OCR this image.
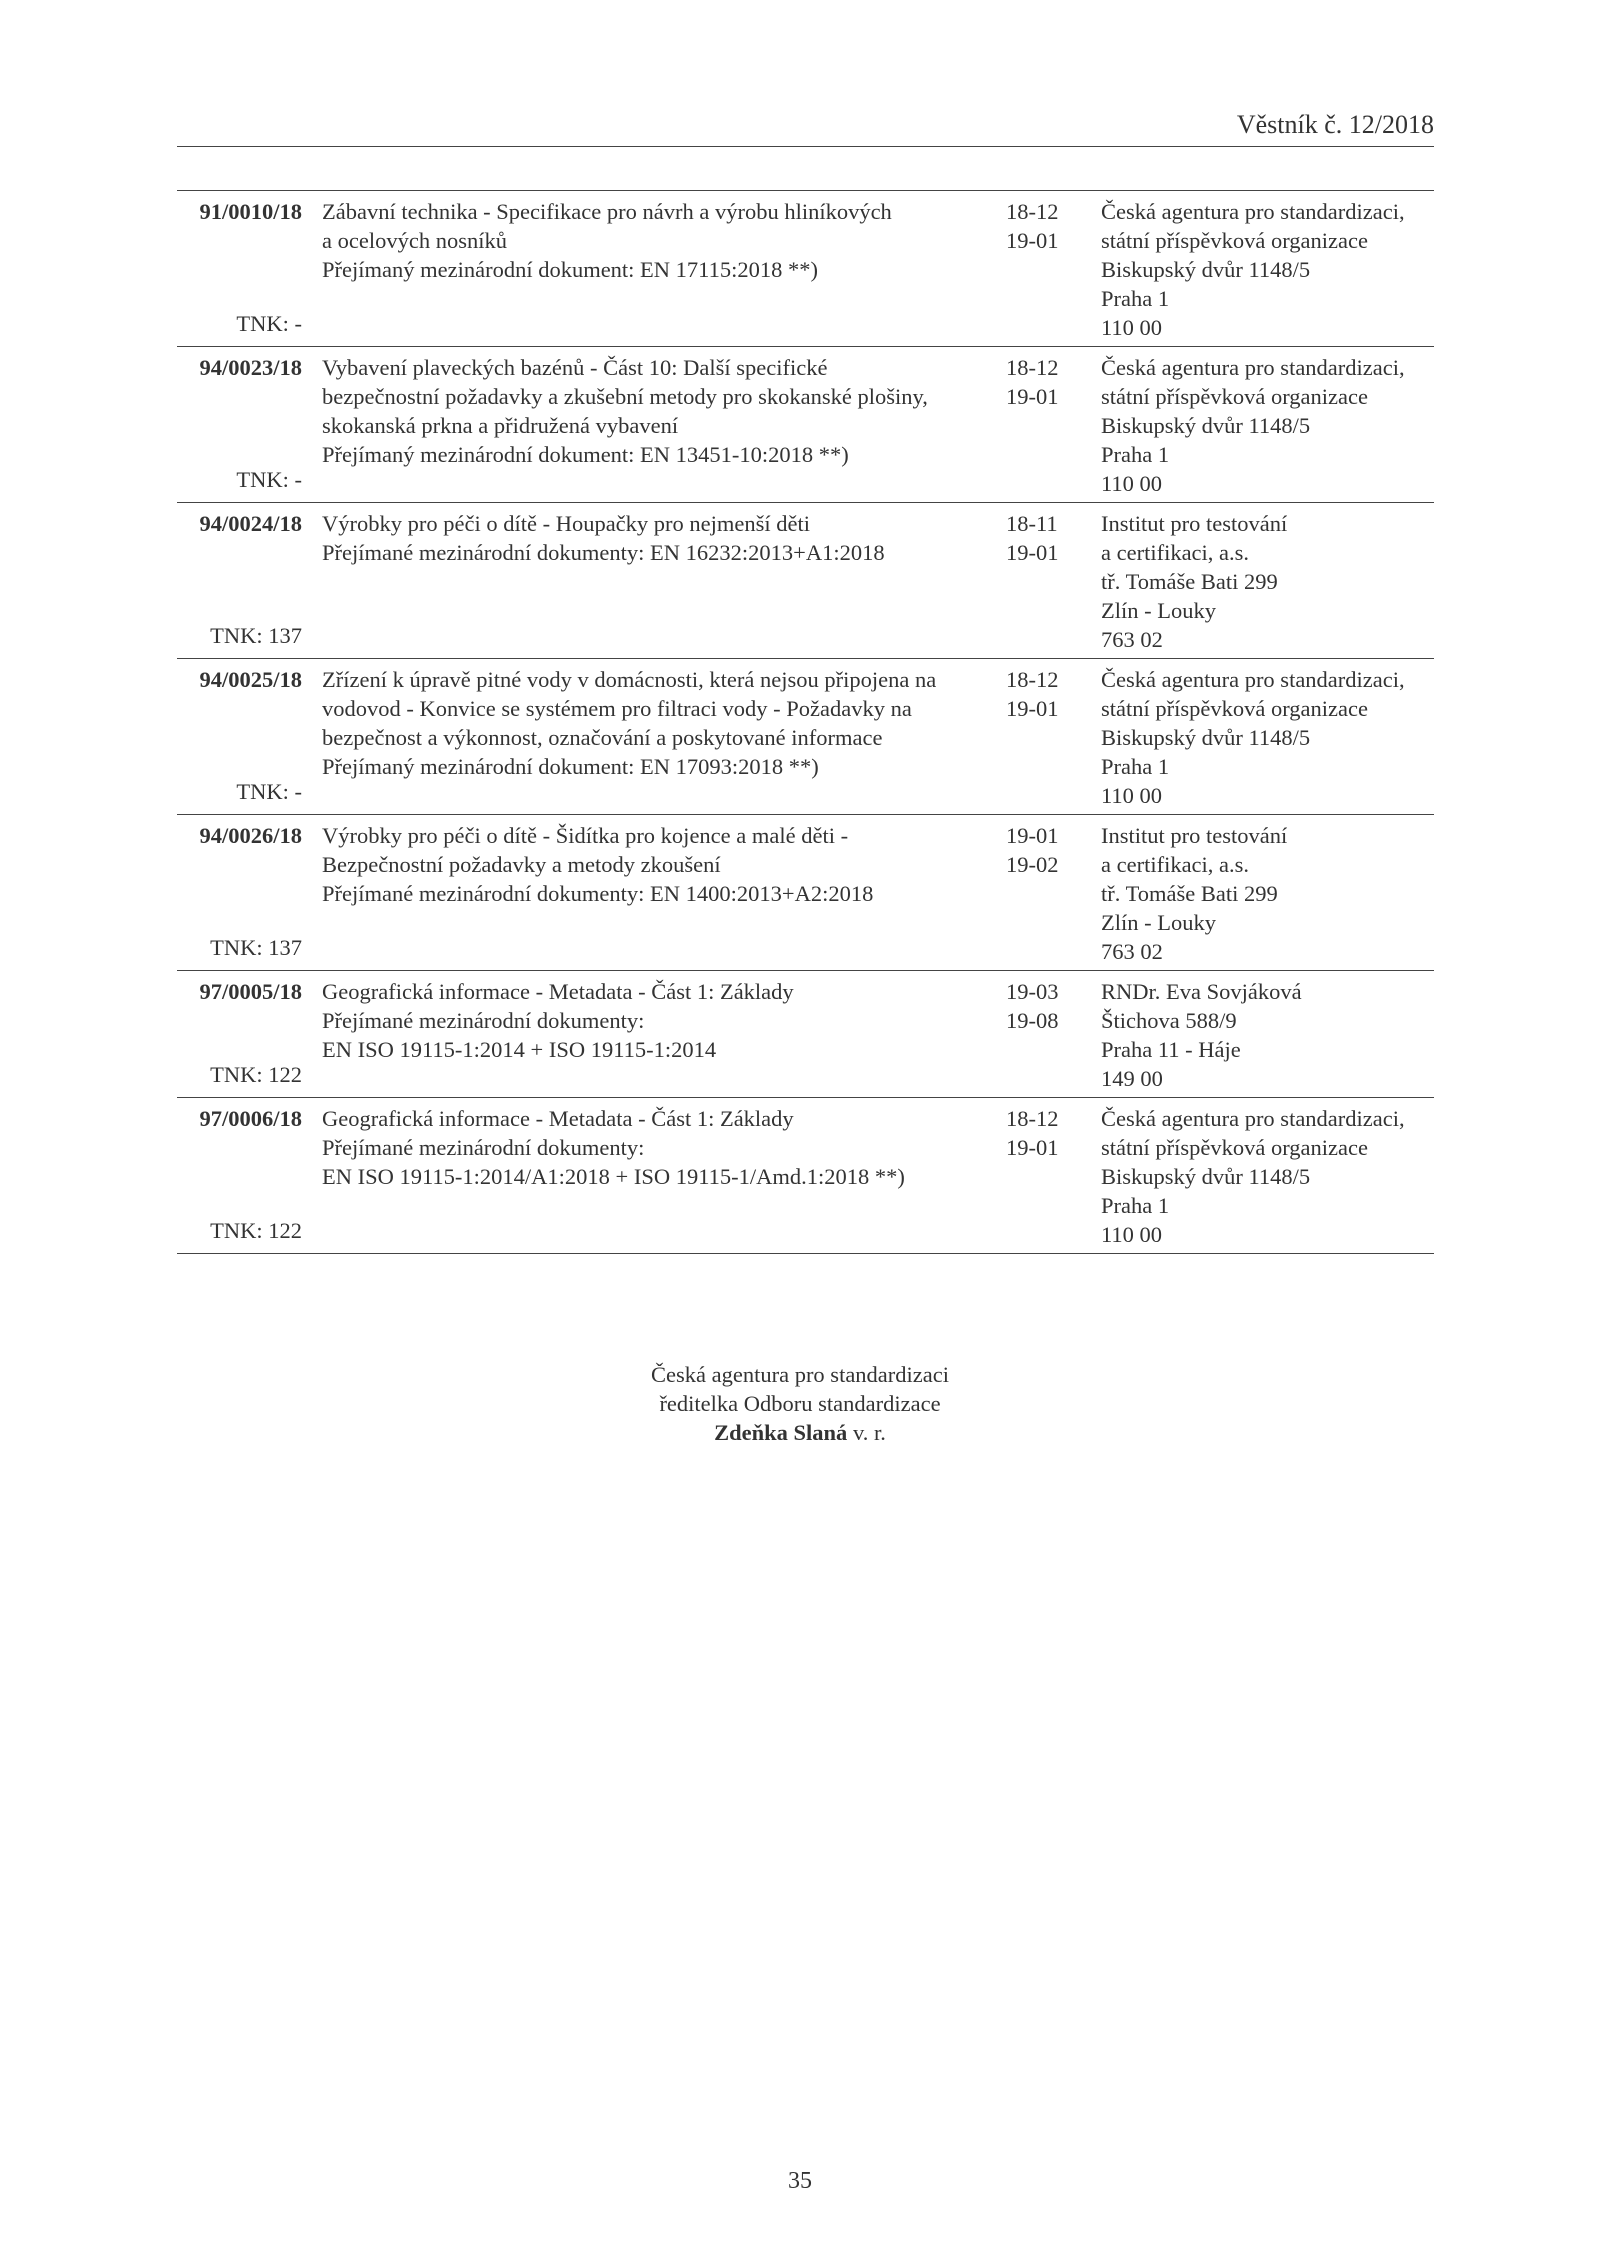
Věstník č. 12/2018
91/0010/18
TNK: -
Zábavní technika - Specifikace pro návrh a výrobu hliníkových
a ocelových nosníků
Přejímaný mezinárodní dokument: EN 17115:2018 **)
18-12
19-01
Česká agentura pro standardizaci,
státní příspěvková organizace
Biskupský dvůr 1148/5
Praha 1
110 00
94/0023/18
TNK: -
Vybavení plaveckých bazénů - Část 10: Další specifické
bezpečnostní požadavky a zkušební metody pro skokanské plošiny,
skokanská prkna a přidružená vybavení
Přejímaný mezinárodní dokument: EN 13451-10:2018 **)
18-12
19-01
Česká agentura pro standardizaci,
státní příspěvková organizace
Biskupský dvůr 1148/5
Praha 1
110 00
94/0024/18
TNK: 137
Výrobky pro péči o dítě - Houpačky pro nejmenší děti
Přejímané mezinárodní dokumenty: EN 16232:2013+A1:2018
18-11
19-01
Institut pro testování
a certifikaci, a.s.
tř. Tomáše Bati 299
Zlín - Louky
763 02
94/0025/18
TNK: -
Zřízení k úpravě pitné vody v domácnosti, která nejsou připojena na
vodovod - Konvice se systémem pro filtraci vody - Požadavky na
bezpečnost a výkonnost, označování a poskytované informace
Přejímaný mezinárodní dokument: EN 17093:2018 **)
18-12
19-01
Česká agentura pro standardizaci,
státní příspěvková organizace
Biskupský dvůr 1148/5
Praha 1
110 00
94/0026/18
TNK: 137
Výrobky pro péči o dítě - Šidítka pro kojence a malé děti -
Bezpečnostní požadavky a metody zkoušení
Přejímané mezinárodní dokumenty: EN 1400:2013+A2:2018
19-01
19-02
Institut pro testování
a certifikaci, a.s.
tř. Tomáše Bati 299
Zlín - Louky
763 02
97/0005/18
TNK: 122
Geografická informace - Metadata - Část 1: Základy
Přejímané mezinárodní dokumenty:
EN ISO 19115-1:2014 + ISO 19115-1:2014
19-03
19-08
RNDr. Eva Sovjáková
Štichova 588/9
Praha 11 - Háje
149 00
97/0006/18
TNK: 122
Geografická informace - Metadata - Část 1: Základy
Přejímané mezinárodní dokumenty:
EN ISO 19115-1:2014/A1:2018 + ISO 19115-1/Amd.1:2018 **)
18-12
19-01
Česká agentura pro standardizaci,
státní příspěvková organizace
Biskupský dvůr 1148/5
Praha 1
110 00
Česká agentura pro standardizaci
ředitelka Odboru standardizace
Zdeňka Slaná v. r.
35
